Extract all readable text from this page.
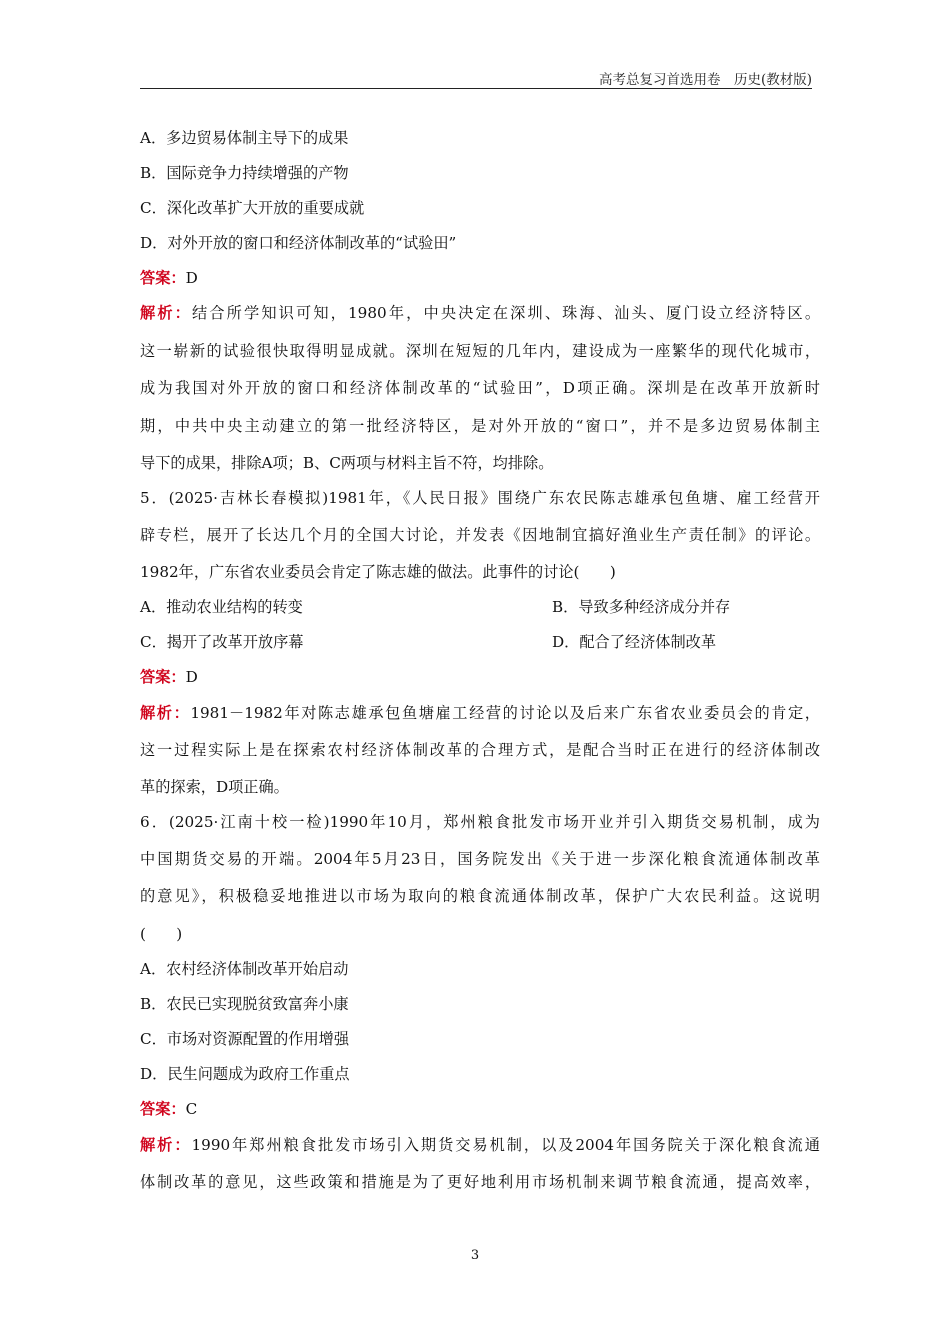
高考总复习首选用卷　历史(教材版)
A．多边贸易体制主导下的成果
B．国际竞争力持续增强的产物
C．深化改革扩大开放的重要成就
D．对外开放的窗口和经济体制改革的“试验田”
答案：D
解析：结合所学知识可知，1980年，中央决定在深圳、珠海、汕头、厦门设立经济特区。
这一崭新的试验很快取得明显成就。深圳在短短的几年内，建设成为一座繁华的现代化城市，
成为我国对外开放的窗口和经济体制改革的“试验田”，D项正确。深圳是在改革开放新时
期，中共中央主动建立的第一批经济特区，是对外开放的“窗口”，并不是多边贸易体制主
导下的成果，排除A项；B、C两项与材料主旨不符，均排除。
5．(2025·吉林长春模拟)1981年，《人民日报》围绕广东农民陈志雄承包鱼塘、雇工经营开
辟专栏，展开了长达几个月的全国大讨论，并发表《因地制宜搞好渔业生产责任制》的评论。
1982年，广东省农业委员会肯定了陈志雄的做法。此事件的讨论(　　)
A．推动农业结构的转变	B．导致多种经济成分并存
C．揭开了改革开放序幕	D．配合了经济体制改革
答案：D
解析：1981－1982年对陈志雄承包鱼塘雇工经营的讨论以及后来广东省农业委员会的肯定，
这一过程实际上是在探索农村经济体制改革的合理方式，是配合当时正在进行的经济体制改
革的探索，D项正确。
6．(2025·江南十校一检)1990年10月，郑州粮食批发市场开业并引入期货交易机制，成为
中国期货交易的开端。2004年5月23日，国务院发出《关于进一步深化粮食流通体制改革
的意见》，积极稳妥地推进以市场为取向的粮食流通体制改革，保护广大农民利益。这说明
(　　)
A．农村经济体制改革开始启动
B．农民已实现脱贫致富奔小康
C．市场对资源配置的作用增强
D．民生问题成为政府工作重点
答案：C
解析：1990年郑州粮食批发市场引入期货交易机制，以及2004年国务院关于深化粮食流通
体制改革的意见，这些政策和措施是为了更好地利用市场机制来调节粮食流通，提高效率，
3
